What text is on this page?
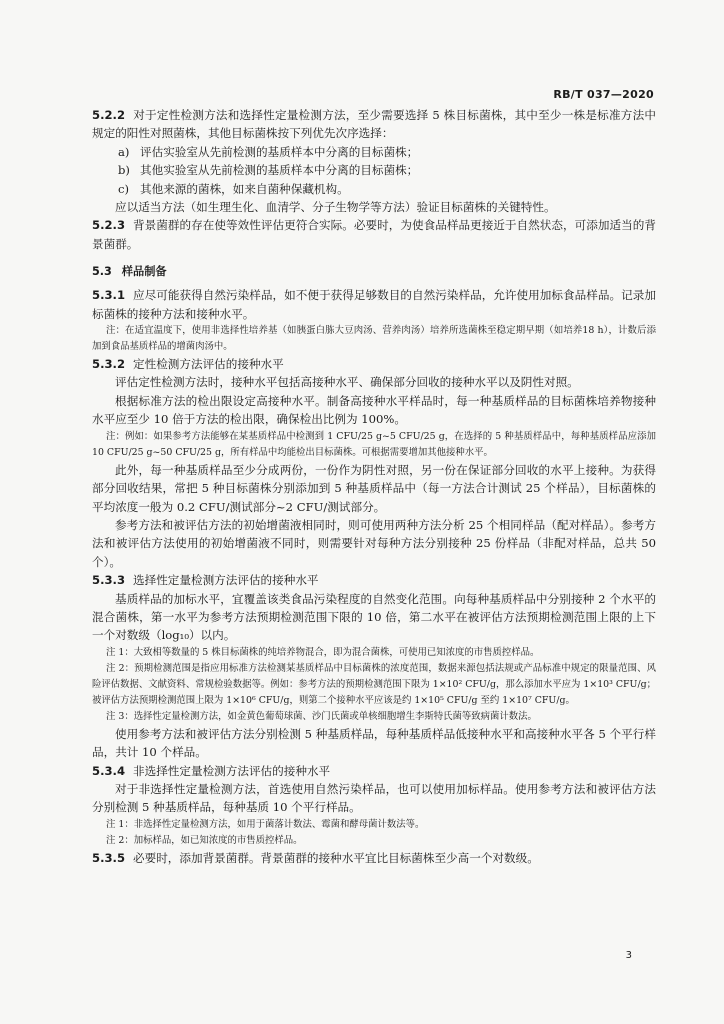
RB/T 037—2020

5.2.2 对于定性检测方法和选择性定量检测方法，至少需要选择 5 株目标菌株，其中至少一株是标准方法中规定的阳性对照菌株，其他目标菌株按下列优先次序选择：

a) 评估实验室从先前检测的基质样本中分离的目标菌株；

b) 其他实验室从先前检测的基质样本中分离的目标菌株；

c) 其他来源的菌株，如来自菌种保藏机构。

应以适当方法（如生理生化、血清学、分子生物学等方法）验证目标菌株的关键特性。

5.2.3 背景菌群的存在使等效性评估更符合实际。必要时，为使食品样品更接近于自然状态，可添加适当的背景菌群。

5.3 样品制备

5.3.1 应尽可能获得自然污染样品，如不便于获得足够数目的自然污染样品，允许使用加标食品样品。记录加标菌株的接种方法和接种水平。

注：在适宜温度下，使用非选择性培养基（如胰蛋白胨大豆肉汤、营养肉汤）培养所选菌株至稳定期早期（如培养18 h），计数后添加到食品基质样品的增菌肉汤中。

5.3.2 定性检测方法评估的接种水平

评估定性检测方法时，接种水平包括高接种水平、确保部分回收的接种水平以及阴性对照。

根据标准方法的检出限设定高接种水平。制备高接种水平样品时，每一种基质样品的目标菌株培养物接种水平应至少 10 倍于方法的检出限，确保检出比例为 100%。

注：例如：如果参考方法能够在某基质样品中检测到 1 CFU/25 g~5 CFU/25 g，在选择的 5 种基质样品中，每种基质样品应添加 10 CFU/25 g~50 CFU/25 g，所有样品中均能检出目标菌株。可根据需要增加其他接种水平。

此外，每一种基质样品至少分成两份，一份作为阴性对照，另一份在保证部分回收的水平上接种。为获得部分回收结果，常把 5 种目标菌株分别添加到 5 种基质样品中（每一方法合计测试 25 个样品），目标菌株的平均浓度一般为 0.2 CFU/测试部分~2 CFU/测试部分。

参考方法和被评估方法的初始增菌液相同时，则可使用两种方法分析 25 个相同样品（配对样品）。参考方法和被评估方法使用的初始增菌液不同时，则需要针对每种方法分别接种 25 份样品（非配对样品，总共 50 个）。

5.3.3 选择性定量检测方法评估的接种水平

基质样品的加标水平，宜覆盖该类食品污染程度的自然变化范围。向每种基质样品中分别接种 2 个水平的混合菌株，第一水平为参考方法预期检测范围下限的 10 倍，第二水平在被评估方法预期检测范围上限的上下一个对数级（log₁₀）以内。

注 1：大致相等数量的 5 株目标菌株的纯培养物混合，即为混合菌株，可使用已知浓度的市售质控样品。

注 2：预期检测范围是指应用标准方法检测某基质样品中目标菌株的浓度范围，数据来源包括法规或产品标准中规定的限量范围、风险评估数据、文献资料、常规检验数据等。例如：参考方法的预期检测范围下限为 1×10² CFU/g，那么添加水平应为 1×10³ CFU/g；被评估方法预期检测范围上限为 1×10⁶ CFU/g，则第二个接种水平应该是约 1×10⁵ CFU/g 至约 1×10⁷ CFU/g。

注 3：选择性定量检测方法，如金黄色葡萄球菌、沙门氏菌或单核细胞增生李斯特氏菌等致病菌计数法。

使用参考方法和被评估方法分别检测 5 种基质样品，每种基质样品低接种水平和高接种水平各 5 个平行样品，共计 10 个样品。

5.3.4 非选择性定量检测方法评估的接种水平

对于非选择性定量检测方法，首选使用自然污染样品，也可以使用加标样品。使用参考方法和被评估方法分别检测 5 种基质样品，每种基质 10 个平行样品。

注 1：非选择性定量检测方法，如用于菌落计数法、霉菌和酵母菌计数法等。

注 2：加标样品，如已知浓度的市售质控样品。

5.3.5 必要时，添加背景菌群。背景菌群的接种水平宜比目标菌株至少高一个对数级。

3
